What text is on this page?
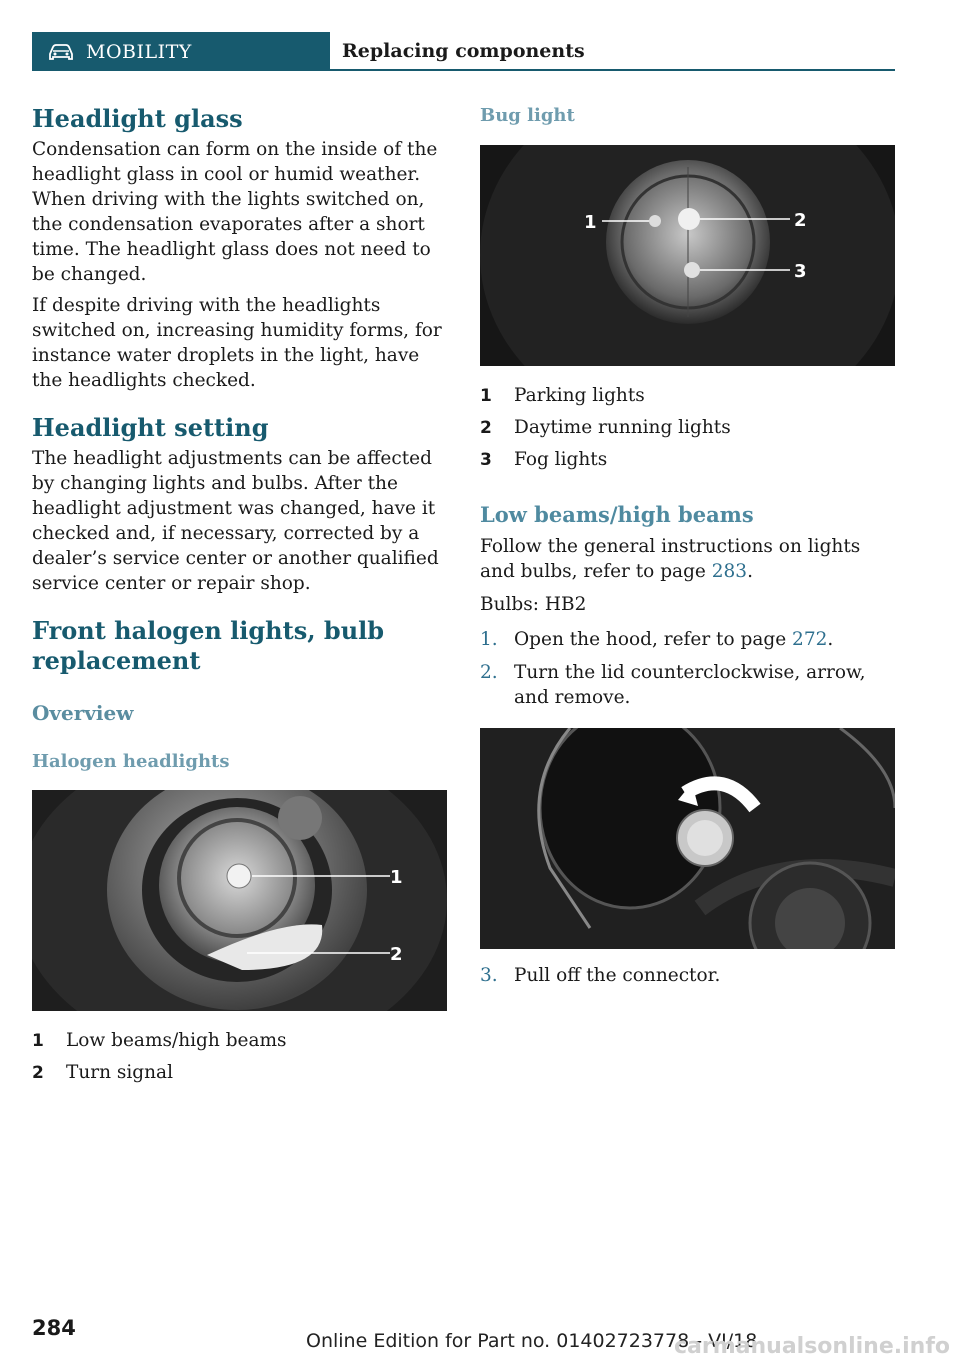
MOBILITY	Replacing components
Headlight glass

Condensation can form on the inside of the headlight glass in cool or humid weather. When driving with the lights switched on, the condensation evaporates after a short time. The headlight glass does not need to be changed.

If despite driving with the headlights switched on, increasing humidity forms, for instance water droplets in the light, have the headlights checked.

Headlight setting

The headlight adjustments can be affected by changing lights and bulbs. After the headlight adjustment was changed, have it checked and, if necessary, corrected by a dealer’s service center or another qualified service center or repair shop.

Front halogen lights, bulb replacement
Overview
Halogen headlights
1
2
1	Low beams/high beams
2	Turn signal
Bug light
1	2
3
1	Parking lights
2	Daytime running lights
3	Fog lights
Low beams/high beams

Follow the general instructions on lights and bulbs, refer to page 283.

Bulbs: HB2

1. Open the hood, refer to page 272.
2. Turn the lid counterclockwise, arrow, and remove.
3. Pull off the connector.
284
Online Edition for Part no. 01402723778 - VI/18
carmanualsonline.info
